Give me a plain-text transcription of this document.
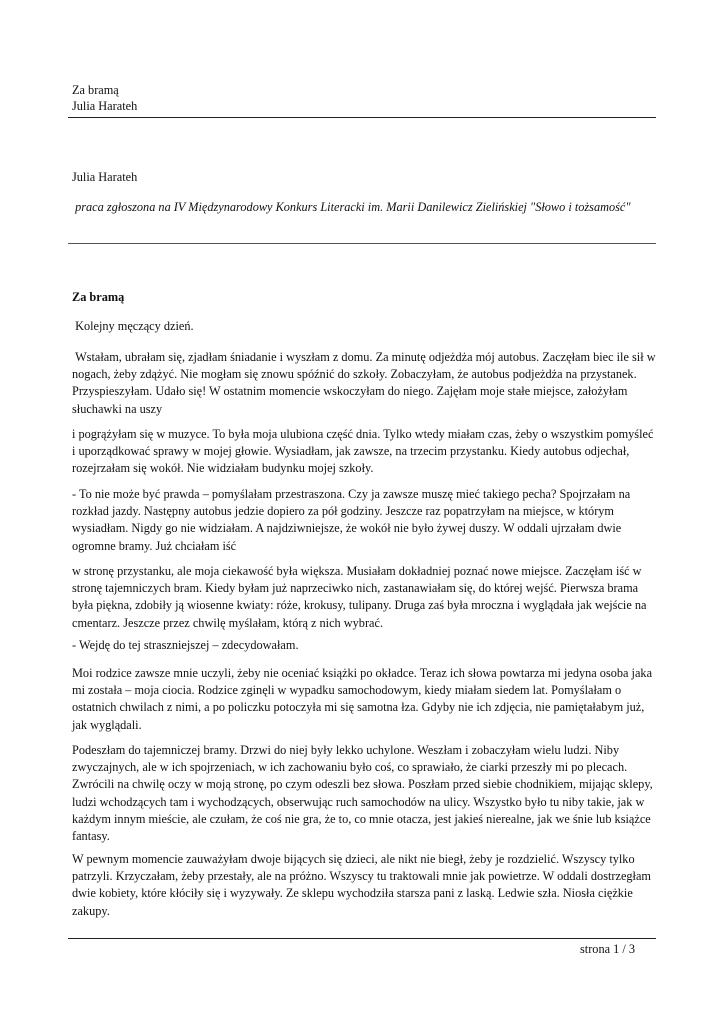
Za bramą
Julia Harateh
Julia Harateh
praca zgłoszona na IV Międzynarodowy Konkurs Literacki im. Marii Danilewicz Zielińskiej "Słowo i tożsamość"
Za bramą

Kolejny męczący dzień.

Wstałam, ubrałam się, zjadłam śniadanie i wyszłam z domu. Za minutę odjeżdża mój autobus. Zaczęłam biec ile sił w nogach, żeby zdążyć. Nie mogłam się znowu spóźnić do szkoły. Zobaczyłam, że autobus podjeżdża na przystanek. Przyspieszyłam. Udało się! W ostatnim momencie wskoczyłam do niego. Zajęłam moje stałe miejsce, założyłam słuchawki na uszy

i pogrążyłam się w muzyce. To była moja ulubiona część dnia. Tylko wtedy miałam czas, żeby o wszystkim pomyśleć i uporządkować sprawy w mojej głowie. Wysiadłam, jak zawsze, na trzecim przystanku. Kiedy autobus odjechał, rozejrzałam się wokół. Nie widziałam budynku mojej szkoły.

- To nie może być prawda – pomyślałam przestraszona. Czy ja zawsze muszę mieć takiego pecha? Spojrzałam na rozkład jazdy. Następny autobus jedzie dopiero za pół godziny. Jeszcze raz popatrzyłam na miejsce, w którym wysiadłam. Nigdy go nie widziałam. A najdziwniejsze, że wokół nie było żywej duszy. W oddali ujrzałam dwie ogromne bramy. Już chciałam iść

w stronę przystanku, ale moja ciekawość była większa. Musiałam dokładniej poznać nowe miejsce. Zaczęłam iść w stronę tajemniczych bram. Kiedy byłam już naprzeciwko nich, zastanawiałam się, do której wejść. Pierwsza brama była piękna, zdobiły ją wiosenne kwiaty: róże, krokusy, tulipany. Druga zaś była mroczna i wyglądała jak wejście na cmentarz. Jeszcze przez chwilę myślałam, którą z nich wybrać.

- Wejdę do tej straszniejszej – zdecydowałam.

Moi rodzice zawsze mnie uczyli, żeby nie oceniać książki po okładce. Teraz ich słowa powtarza mi jedyna osoba jaka mi została – moja ciocia. Rodzice zginęli w wypadku samochodowym, kiedy miałam siedem lat. Pomyślałam o ostatnich chwilach z nimi, a po policzku potoczyła mi się samotna łza. Gdyby nie ich zdjęcia, nie pamiętałabym już, jak wyglądali.

Podeszłam do tajemniczej bramy. Drzwi do niej były lekko uchylone. Weszłam i zobaczyłam wielu ludzi. Niby zwyczajnych, ale w ich spojrzeniach, w ich zachowaniu było coś, co sprawiało, że ciarki przeszły mi po plecach. Zwrócili na chwilę oczy w moją stronę, po czym odeszli bez słowa. Poszłam przed siebie chodnikiem, mijając sklepy, ludzi wchodzących tam i wychodzących, obserwując ruch samochodów na ulicy. Wszystko było tu niby takie, jak w każdym innym mieście, ale czułam, że coś nie gra, że to, co mnie otacza, jest jakieś nierealne, jak we śnie lub książce fantasy.

W pewnym momencie zauważyłam dwoje bijących się dzieci, ale nikt nie biegł, żeby je rozdzielić. Wszyscy tylko patrzyli. Krzyczałam, żeby przestały, ale na próżno. Wszyscy tu traktowali mnie jak powietrze. W oddali dostrzegłam dwie kobiety, które kłóciły się i wyzywały. Ze sklepu wychodziła starsza pani z laską. Ledwie szła. Niosła ciężkie zakupy.

strona 1 / 3
